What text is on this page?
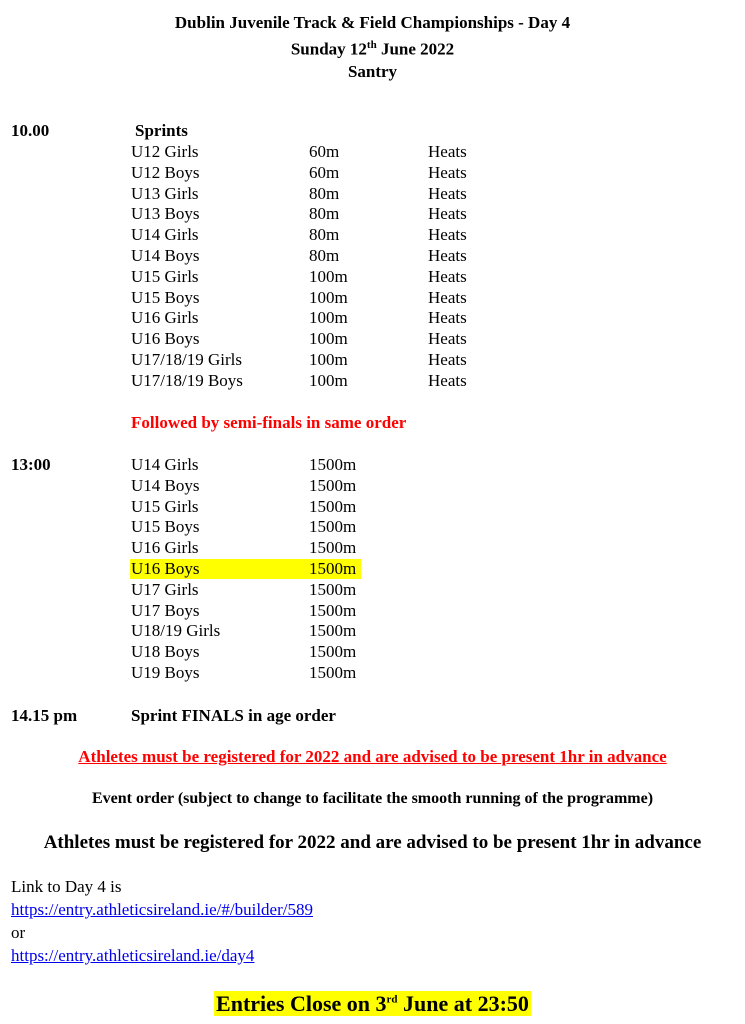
Dublin Juvenile Track & Field Championships - Day 4
Sunday 12th June 2022
Santry
10.00	Sprints
U12 Girls	60m	Heats
U12 Boys	60m	Heats
U13 Girls	80m	Heats
U13 Boys	80m	Heats
U14 Girls	80m	Heats
U14 Boys	80m	Heats
U15 Girls	100m	Heats
U15 Boys	100m	Heats
U16 Girls	100m	Heats
U16 Boys	100m	Heats
U17/18/19 Girls	100m	Heats
U17/18/19 Boys	100m	Heats
Followed by semi-finals in same order
13:00	U14 Girls	1500m
U14 Boys	1500m
U15 Girls	1500m
U15 Boys	1500m
U16 Girls	1500m
U16 Boys	1500m
U17 Girls	1500m
U17 Boys	1500m
U18/19 Girls	1500m
U18 Boys	1500m
U19 Boys	1500m
14.15 pm	Sprint FINALS in age order
Athletes must be registered for 2022 and are advised to be present 1hr in advance
Event order (subject to change to facilitate the smooth running of the programme)
Athletes must be registered for 2022 and are advised to be present 1hr in advance
Link to Day 4 is
https://entry.athleticsireland.ie/#/builder/589
or
https://entry.athleticsireland.ie/day4
Entries Close on 3rd June at 23:50
